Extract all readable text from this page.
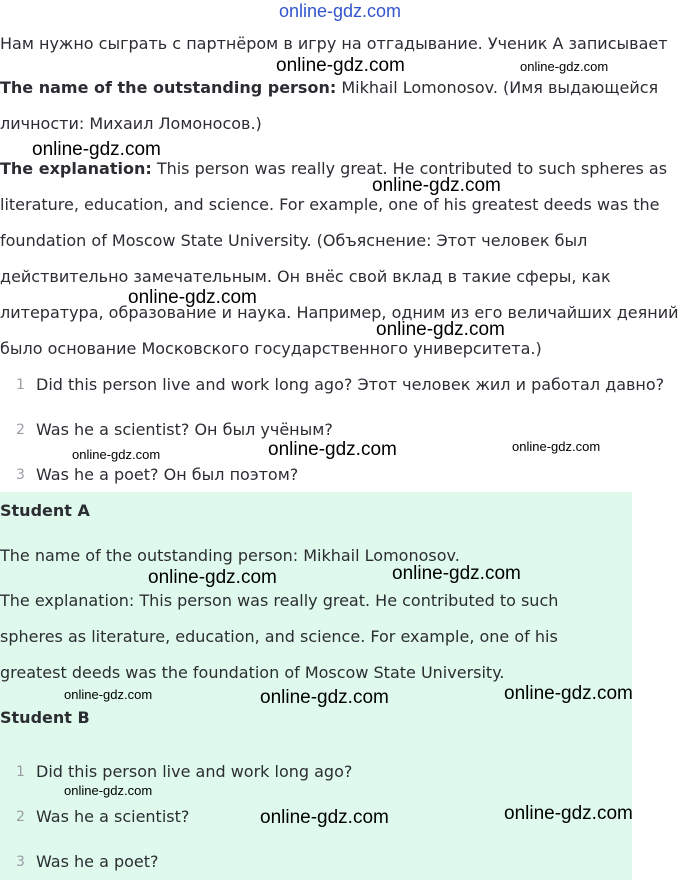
online-gdz.com
Нам нужно сыграть с партнёром в игру на отгадывание. Ученик А записывает
The name of the outstanding person: Mikhail Lomonosov. (Имя выдающейся
личности: Михаил Ломоносов.)
The explanation: This person was really great. He contributed to such spheres as
literature, education, and science. For example, one of his greatest deeds was the
foundation of Moscow State University. (Объяснение: Этот человек был
действительно замечательным. Он внёс свой вклад в такие сферы, как
литература, образование и наука. Например, одним из его величайших деяний
было основание Московского государственного университета.)
1 Did this person live and work long ago? Этот человек жил и работал давно?
2 Was he a scientist? Он был учёным?
3 Was he a poet? Он был поэтом?
Student A
The name of the outstanding person: Mikhail Lomonosov.
The explanation: This person was really great. He contributed to such
spheres as literature, education, and science. For example, one of his
greatest deeds was the foundation of Moscow State University.
Student B
1 Did this person live and work long ago?
2 Was he a scientist?
3 Was he a poet?
online-gdz.com	online-gdz.com
online-gdz.com
online-gdz.com
online-gdz.com
online-gdz.com
online-gdz.com	online-gdz.com
online-gdz.com
online-gdz.com	online-gdz.com
online-gdz.com	online-gdz.com	online-gdz.com
online-gdz.com
online-gdz.com	online-gdz.com
